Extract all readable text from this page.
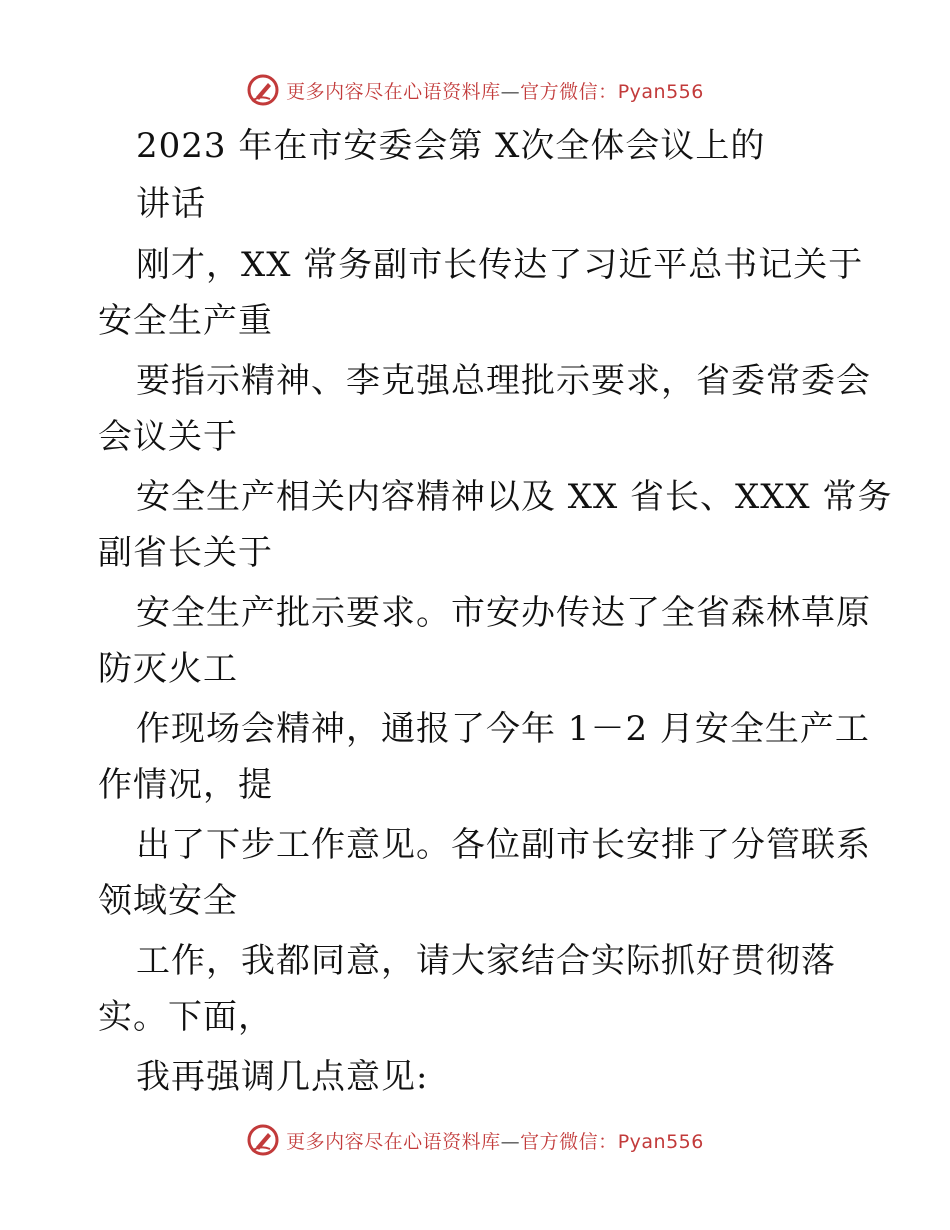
更多内容尽在心语资料库—官方微信：Pyan556
2023 年在市安委会第 X次全体会议上的
讲话
刚才，XX 常务副市长传达了习近平总书记关于
安全生产重
要指示精神、李克强总理批示要求，省委常委会
会议关于
安全生产相关内容精神以及 XX 省长、XXX 常务
副省长关于
安全生产批示要求。市安办传达了全省森林草原
防灭火工
作现场会精神，通报了今年 1－2 月安全生产工
作情况，提
出了下步工作意见。各位副市长安排了分管联系
领域安全
工作，我都同意，请大家结合实际抓好贯彻落
实。下面，
我再强调几点意见:
更多内容尽在心语资料库—官方微信：Pyan556
